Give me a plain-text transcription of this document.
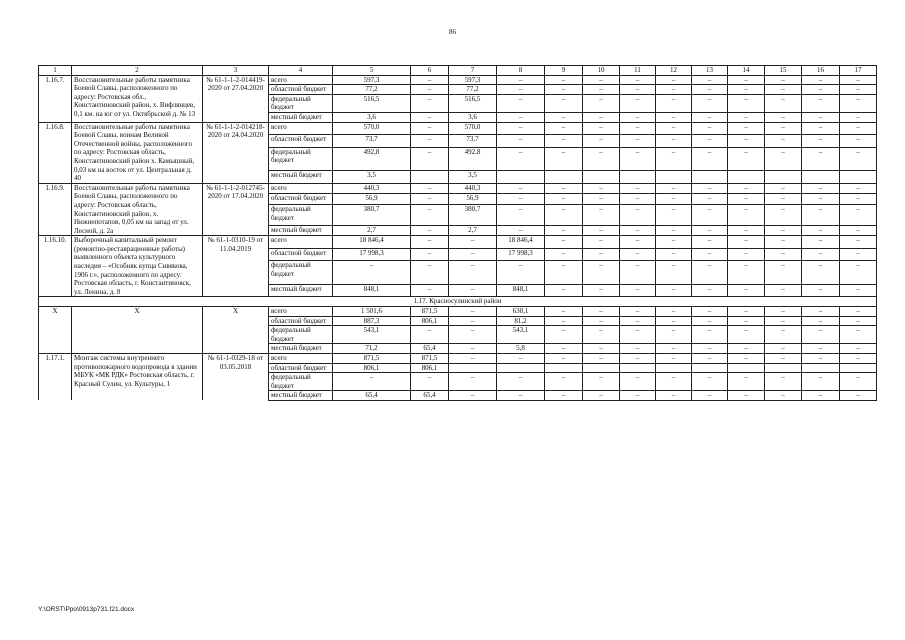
86
1	2	3	4	5	6	7	8	9	10	11	12	13	14	15	16	17
1.16.7.	Восстановительные работы памятника Боевой Славы, расположенного по адресу: Ростовская обл., Константиновский район, х. Вифлянцев, 0,1 км. на юг от ул. Октябрьской д. № 13	№ 61-1-1-2-014419-2020 от 27.04.2020	всего	597,3	–	597,3	–	–	–	–	–	–	–	–	–	–
			областной бюджет	77,2	–	77,2	–	–	–	–	–	–	–	–	–	–
			федеральный бюджет	516,5	–	516,5	–	–	–	–	–	–	–	–	–	–
			местный бюджет	3,6	–	3,6	–	–	–	–	–	–	–	–	–	–
1.16.8.	Восстановительные работы памятника Боевой Славы, воинам Великой Отечественной войны, расположенного по адресу: Ростовская область, Константиновский район х. Камышный, 0,03 км на восток от ул. Центральная д. 40	№ 61-1-1-2-014218-2020 от 24.04.2020	всего	570,0	–	570,0	–	–	–	–	–	–	–	–	–	–
			областной бюджет	73,7	–	73,7	–	–	–	–	–	–	–	–	–	–
			федеральный бюджет	492,8	–	492,8	–	–	–	–	–	–	–	–	–	–
			местный бюджет	3,5		3,5										
1.16.9.	Восстановительные работы памятника Боевой Славы, расположенного по адресу: Ростовская область, Константиновский район, х. Нижнепотапов, 0,05 км на запад от ул. Лесной, д. 2а	№ 61-1-1-2-012745-2020 от 17.04.2020	всего	440,3	–	440,3	–	–	–	–	–	–	–	–	–	–
			областной бюджет	56,9	–	56,9	–	–	–	–	–	–	–	–	–	–
			федеральный бюджет	380,7	–	380,7	–	–	–	–	–	–	–	–	–	–
			местный бюджет	2,7	–	2,7	–	–	–	–	–	–	–	–	–	–
1.16.10.	Выборочный капитальный ремонт (ремонтно-реставрационные работы) выявленного объекта культурного наследия – «Особняк купца Сивякова, 1906 г.», расположенного по адресу: Ростовская область, г. Константиновск, ул. Ленина, д. 8	№ 61-1-0310-19 от 11.04.2019	всего	18 846,4	–	–	18 846,4	–	–	–	–	–	–	–	–	–
			областной бюджет	17 998,3	–	–	17 998,3	–	–	–	–	–	–	–	–	–
			федеральный бюджет	–	–	–	–	–	–	–	–	–	–	–	–	–
			местный бюджет	848,1	–	–	848,1	–	–	–	–	–	–	–	–	–
1.17. Красносулинский район																
X	X	X	всего	1 501,6	871,5	–	630,1	–	–	–	–	–	–	–	–	–
			областной бюджет	887,3	806,1	–	81,2	–	–	–	–	–	–	–	–	–
			федеральный бюджет	543,1	–	–	543,1	–	–	–	–	–	–	–	–	–
			местный бюджет	71,2	65,4	–	5,8	–	–	–	–	–	–	–	–	–
1.17.1.	Монтаж системы внутреннего противопожарного водопровода в здании МБУК «МК РДК» Ростовская область, г. Красный Сулин, ул. Культуры, 1	№ 61-1-0329-18 от 03.05.2018	всего	871,5	871,5	–	–	–	–	–	–	–	–	–	–	–
			областной бюджет	806,1	806,1											
			федеральный бюджет	–	–	–	–	–	–	–	–	–	–	–	–	–
			местный бюджет	65,4	65,4	–	–	–	–	–	–	–	–	–	–	–
Y:\ORST\Ppo\0913p731.f21.docx
